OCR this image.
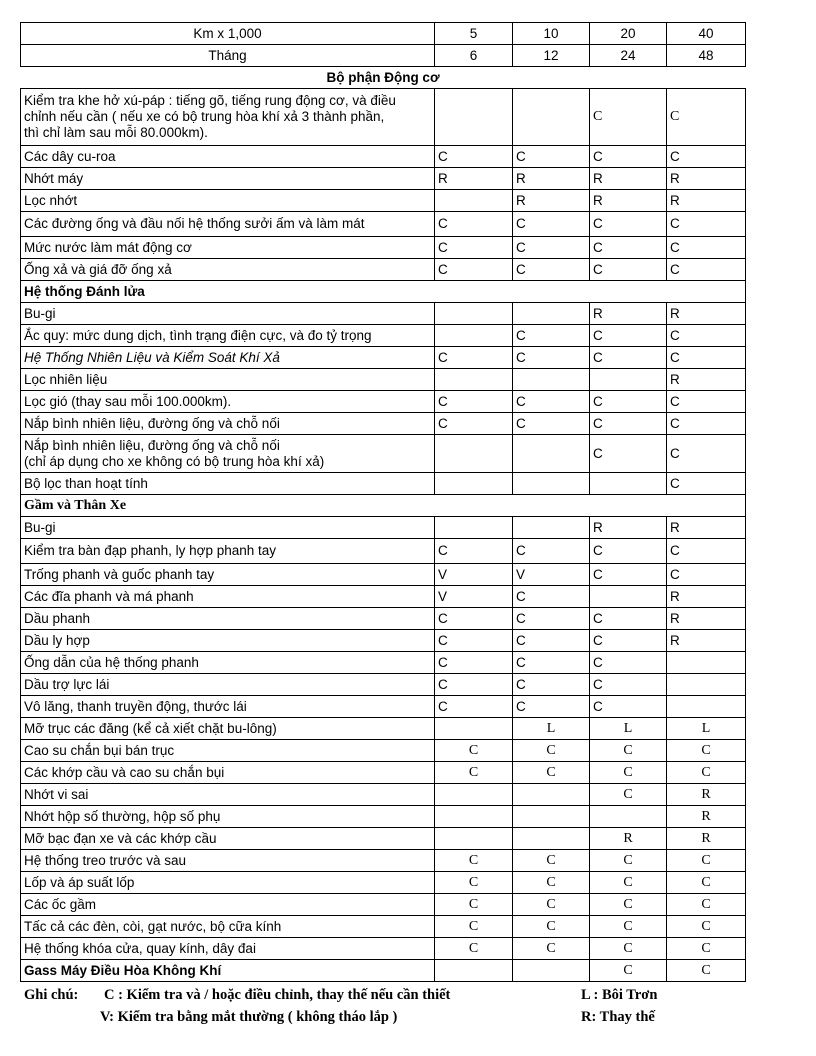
Km x 1,000	5	10	20	40
Tháng	6	12	24	48
Bộ phận Động cơ				
Kiểm tra khe hở xú-páp : tiếng gõ, tiếng rung động cơ, và điều
chỉnh nếu cần ( nếu xe có bộ trung hòa khí xả 3 thành phần,
thì chỉ làm sau mỗi 80.000km).			C	C
Các dây cu-roa	C	C	C	C
Nhớt máy	R	R	R	R
Lọc nhớt		R	R	R
Các đường ống và đầu nối hệ thống sưởi ấm và làm mát	C	C	C	C
Mức nước làm mát động cơ	C	C	C	C
Ống xả và giá đỡ ống xả	C	C	C	C
Hệ thống Đánh lửa				
Bu-gi			R	R
Ắc quy: mức dung dịch, tình trạng điện cực, và đo tỷ trọng		C	C	C
Hệ Thống Nhiên Liệu và Kiểm Soát Khí Xả	C	C	C	C
Lọc nhiên liệu				R
Lọc gió (thay sau mỗi 100.000km).	C	C	C	C
Nắp bình nhiên liệu, đường ống và chỗ nối	C	C	C	C
Nắp bình nhiên liệu, đường ống và chỗ nối
(chỉ áp dụng cho xe không có bộ trung hòa khí xả)			C	C
Bộ lọc than hoạt tính				C
Gầm và Thân Xe				
Bu-gi			R	R
Kiểm tra bàn đạp phanh, ly hợp phanh tay	C	C	C	C
Trống phanh và guốc phanh tay	V	V	C	C
Các đĩa phanh và má phanh	V	C		R
Dầu phanh	C	C	C	R
Dầu ly hợp	C	C	C	R
Ống dẫn của hệ thống phanh	C	C	C	
Dầu trợ lực lái	C	C	C	
Vô lăng, thanh truyền động, thước lái	C	C	C	
Mỡ trục các đăng (kể cả xiết chặt bu-lông)		L	L	L
Cao su chắn bụi bán trục	C	C	C	C
Các khớp cầu và cao su chắn bụi	C	C	C	C
Nhớt vi sai			C	R
Nhớt hộp số thường, hộp số phụ				R
Mỡ bạc đạn xe và các khớp cầu			R	R
Hệ thống treo trước và sau	C	C	C	C
Lốp và áp suất lốp	C	C	C	C
Các ốc gầm	C	C	C	C
Tấc cả các đèn, còi, gạt nước, bộ cữa kính	C	C	C	C
Hệ thống khóa cửa, quay kính, dây đai	C	C	C	C
Gass Máy Điều Hòa Không Khí			C	C
Ghi chú: C : Kiểm tra và / hoặc điều chỉnh, thay thế nếu cần thiết	L : Bôi Trơn
V: Kiểm tra bằng mắt thường ( không tháo lắp )	R: Thay thế
